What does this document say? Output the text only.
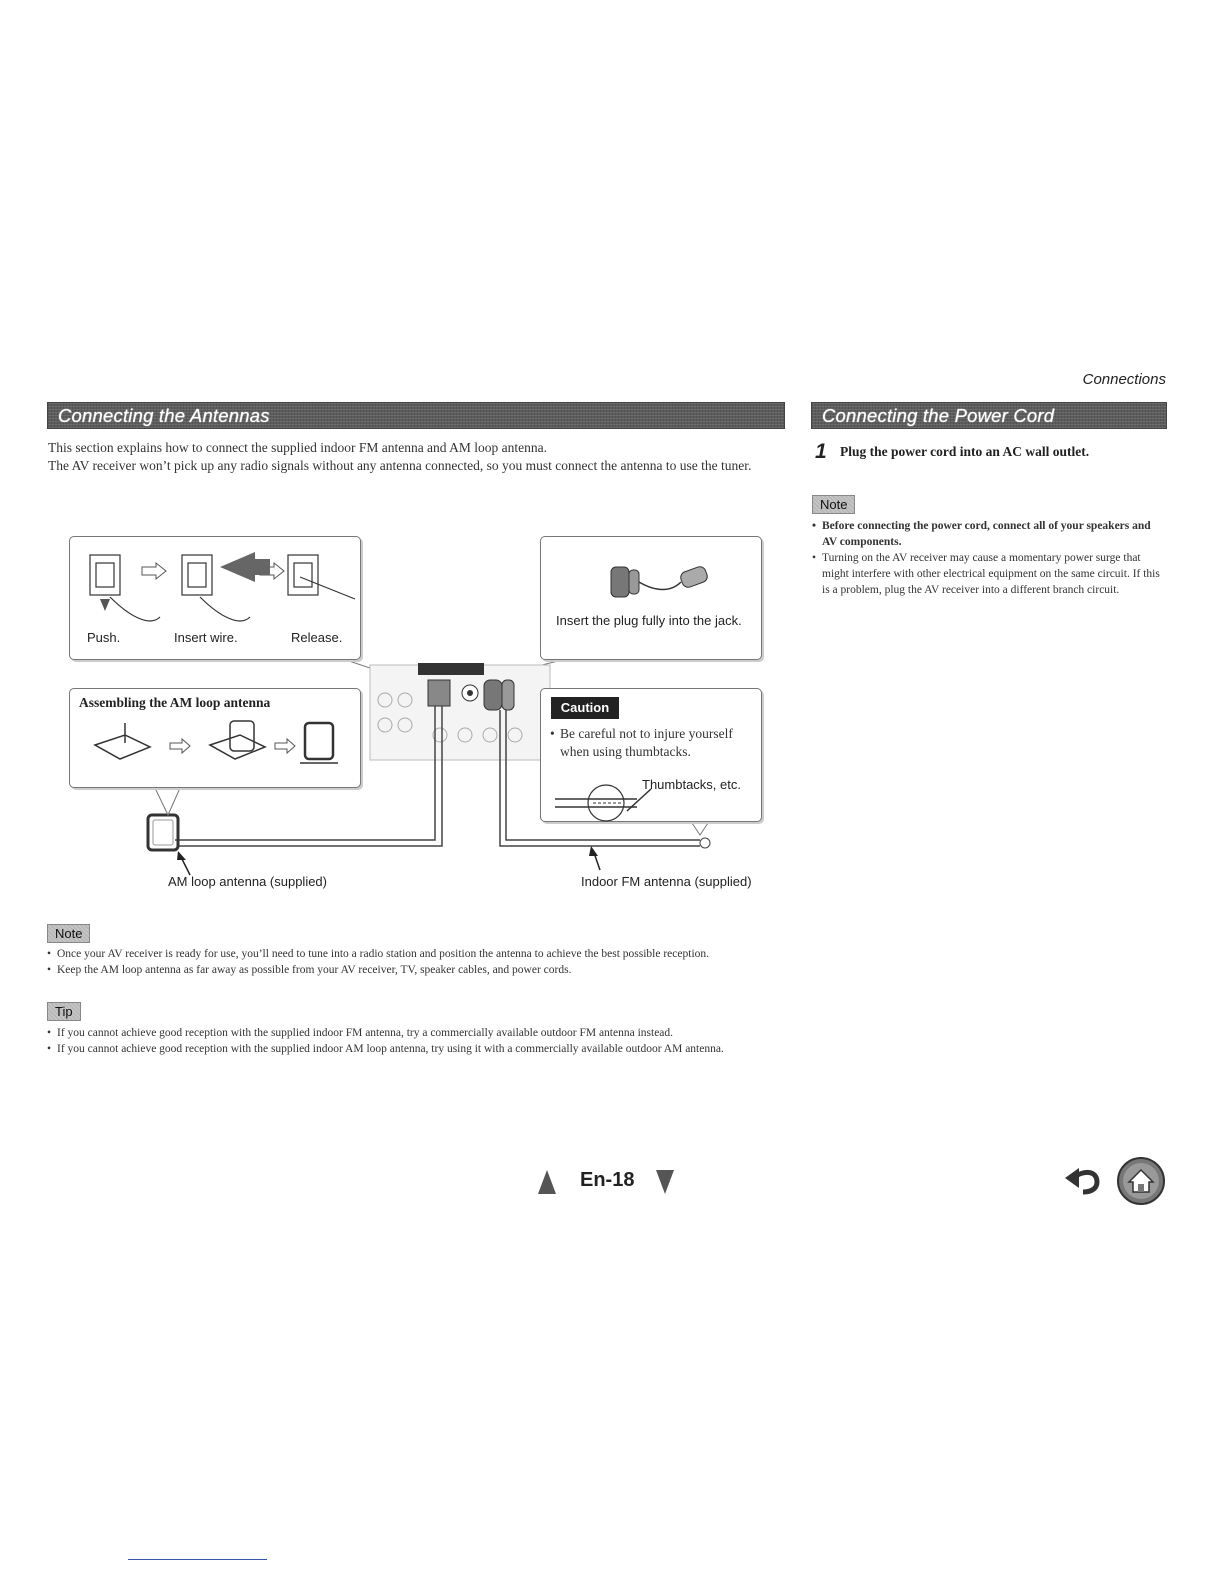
Connections
Connecting the Antennas	Connecting the Power Cord

This section explains how to connect the supplied indoor FM antenna and AM loop antenna.

The AV receiver won’t pick up any radio signals without any antenna connected, so you must connect the antenna to use the tuner.

Push.	Insert wire.	Release.
Insert the plug fully into the jack.
Assembling the AM loop antenna
• Be careful not to injure yourself when using thumbtacks.
Thumbtacks, etc.
AM loop antenna (supplied)	Indoor FM antenna (supplied)
Caution
Note
• Once your AV receiver is ready for use, you’ll need to tune into a radio station and position the antenna to achieve the best possible reception.
• Keep the AM loop antenna as far away as possible from your AV receiver, TV, speaker cables, and power cords.
Tip
• If you cannot achieve good reception with the supplied indoor FM antenna, try a commercially available outdoor FM antenna instead.
• If you cannot achieve good reception with the supplied indoor AM loop antenna, try using it with a commercially available outdoor AM antenna.
1 Plug the power cord into an AC wall outlet.
Note
• Before connecting the power cord, connect all of your speakers and AV components.
• Turning on the AV receiver may cause a momentary power surge that might interfere with other electrical equipment on the same circuit. If this is a problem, plug the AV receiver into a different branch circuit.
En-18
